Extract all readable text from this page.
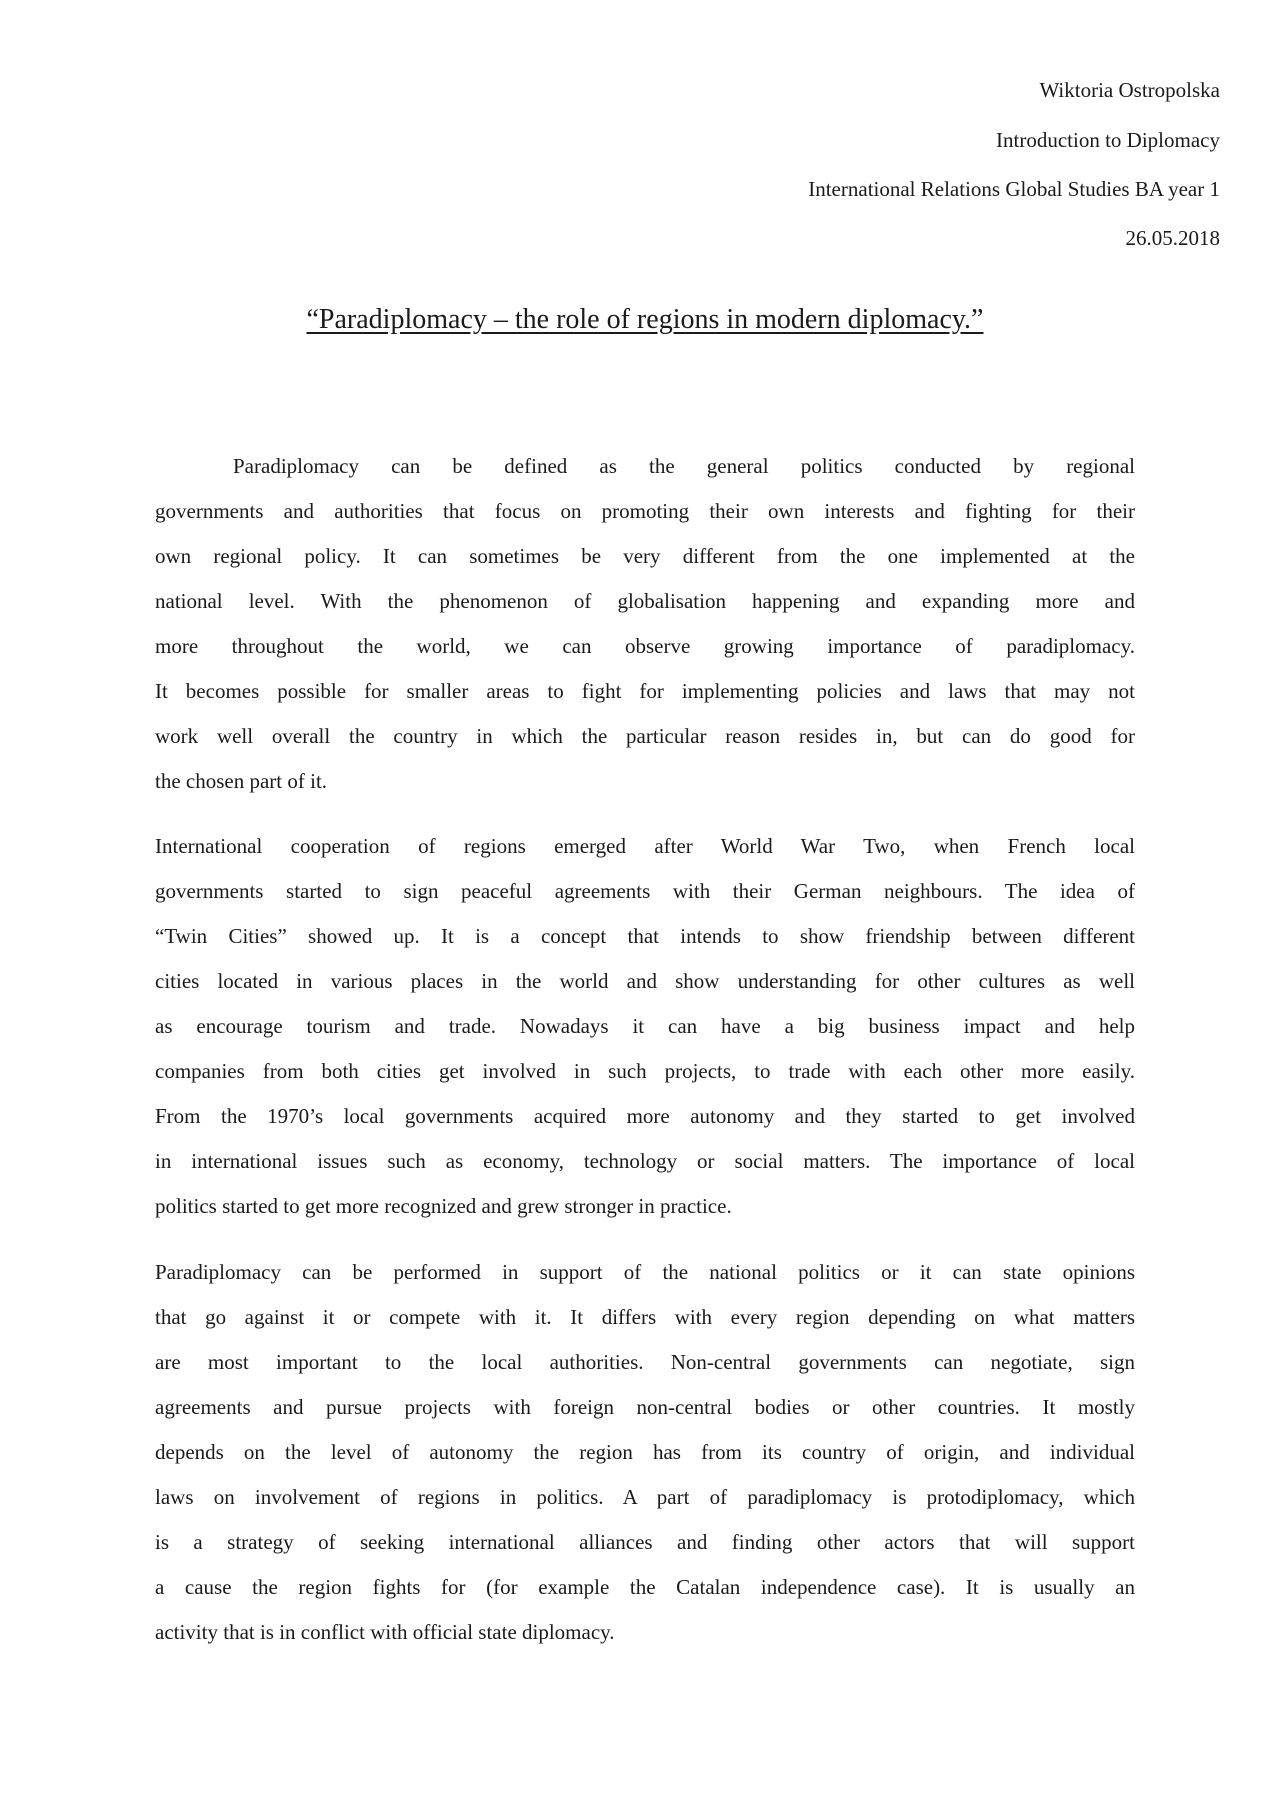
Wiktoria Ostropolska
Introduction to Diplomacy
International Relations Global Studies BA year 1
26.05.2018
“Paradiplomacy – the role of regions in modern diplomacy.”
Paradiplomacy can be defined as the general politics conducted by regional
governments and authorities that focus on promoting their own interests and fighting for their
own regional policy. It can sometimes be very different from the one implemented at the
national level. With the phenomenon of globalisation happening and expanding more and
more throughout the world, we can observe growing importance of paradiplomacy.
It becomes possible for smaller areas to fight for implementing policies and laws that may not
work well overall the country in which the particular reason resides in, but can do good for
the chosen part of it.
International cooperation of regions emerged after World War Two, when French local
governments started to sign peaceful agreements with their German neighbours. The idea of
“Twin Cities” showed up. It is a concept that intends to show friendship between different
cities located in various places in the world and show understanding for other cultures as well
as encourage tourism and trade. Nowadays it can have a big business impact and help
companies from both cities get involved in such projects, to trade with each other more easily.
From the 1970’s local governments acquired more autonomy and they started to get involved
in international issues such as economy, technology or social matters. The importance of local
politics started to get more recognized and grew stronger in practice.
Paradiplomacy can be performed in support of the national politics or it can state opinions
that go against it or compete with it. It differs with every region depending on what matters
are most important to the local authorities. Non-central governments can negotiate, sign
agreements and pursue projects with foreign non-central bodies or other countries. It mostly
depends on the level of autonomy the region has from its country of origin, and individual
laws on involvement of regions in politics. A part of paradiplomacy is protodiplomacy, which
is a strategy of seeking international alliances and finding other actors that will support
a cause the region fights for (for example the Catalan independence case). It is usually an
activity that is in conflict with official state diplomacy.
